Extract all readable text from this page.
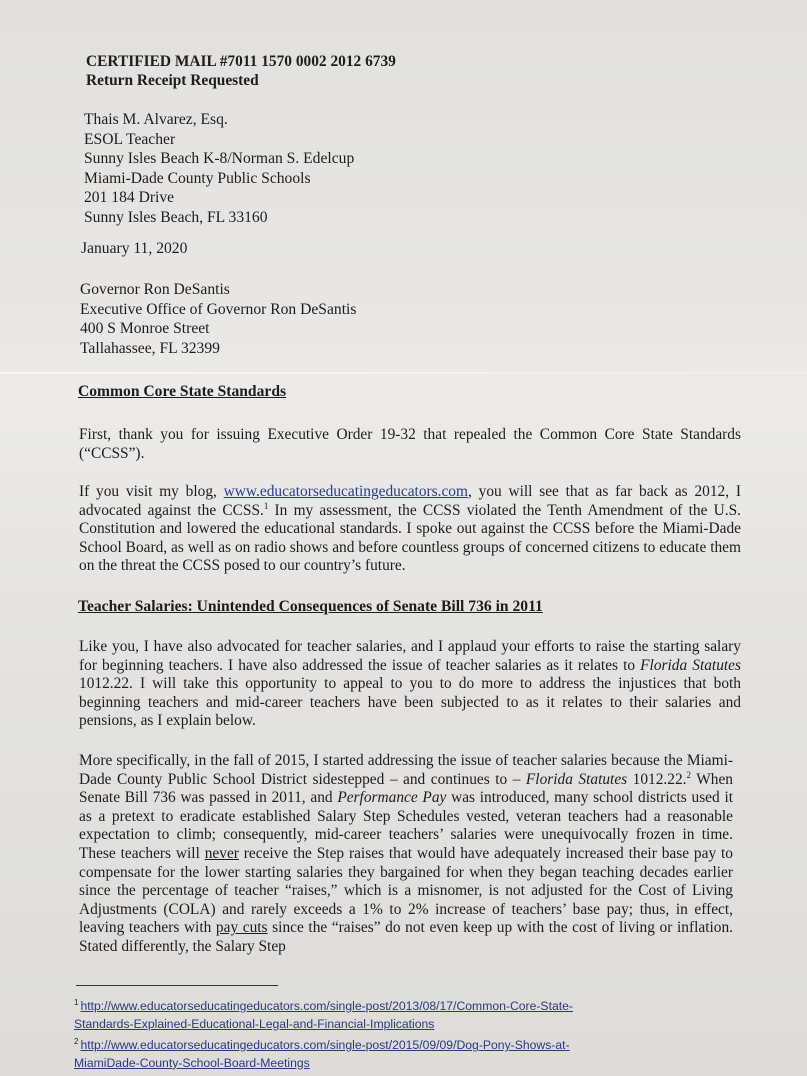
CERTIFIED MAIL #7011 1570 0002 2012 6739
Return Receipt Requested
Thais M. Alvarez, Esq.
ESOL Teacher
Sunny Isles Beach K-8/Norman S. Edelcup
Miami-Dade County Public Schools
201 184 Drive
Sunny Isles Beach, FL 33160
January 11, 2020
Governor Ron DeSantis
Executive Office of Governor Ron DeSantis
400 S Monroe Street
Tallahassee, FL 32399
Common Core State Standards
First, thank you for issuing Executive Order 19-32 that repealed the Common Core State Standards (“CCSS”).
If you visit my blog, www.educatorseducatingeducators.com, you will see that as far back as 2012, I advocated against the CCSS.$^1$ In my assessment, the CCSS violated the Tenth Amendment of the U.S. Constitution and lowered the educational standards. I spoke out against the CCSS before the Miami-Dade School Board, as well as on radio shows and before countless groups of concerned citizens to educate them on the threat the CCSS posed to our country’s future.
Teacher Salaries: Unintended Consequences of Senate Bill 736 in 2011
Like you, I have also advocated for teacher salaries, and I applaud your efforts to raise the starting salary for beginning teachers. I have also addressed the issue of teacher salaries as it relates to Florida Statutes 1012.22. I will take this opportunity to appeal to you to do more to address the injustices that both beginning teachers and mid-career teachers have been subjected to as it relates to their salaries and pensions, as I explain below.
More specifically, in the fall of 2015, I started addressing the issue of teacher salaries because the Miami-Dade County Public School District sidestepped – and continues to – Florida Statutes 1012.22.$^2$ When Senate Bill 736 was passed in 2011, and Performance Pay was introduced, many school districts used it as a pretext to eradicate established Salary Step Schedules vested, veteran teachers had a reasonable expectation to climb; consequently, mid-career teachers’ salaries were unequivocally frozen in time. These teachers will never receive the Step raises that would have adequately increased their base pay to compensate for the lower starting salaries they bargained for when they began teaching decades earlier since the percentage of teacher “raises,” which is a misnomer, is not adjusted for the Cost of Living Adjustments (COLA) and rarely exceeds a 1% to 2% increase of teachers’ base pay; thus, in effect, leaving teachers with pay cuts since the “raises” do not even keep up with the cost of living or inflation. Stated differently, the Salary Step
$^1$ http://www.educatorseducatingeducators.com/single-post/2013/08/17/Common-Core-State-
Standards-Explained-Educational-Legal-and-Financial-Implications
$^2$ http://www.educatorseducatingeducators.com/single-post/2015/09/09/Dog-Pony-Shows-at-
MiamiDade-County-School-Board-Meetings
